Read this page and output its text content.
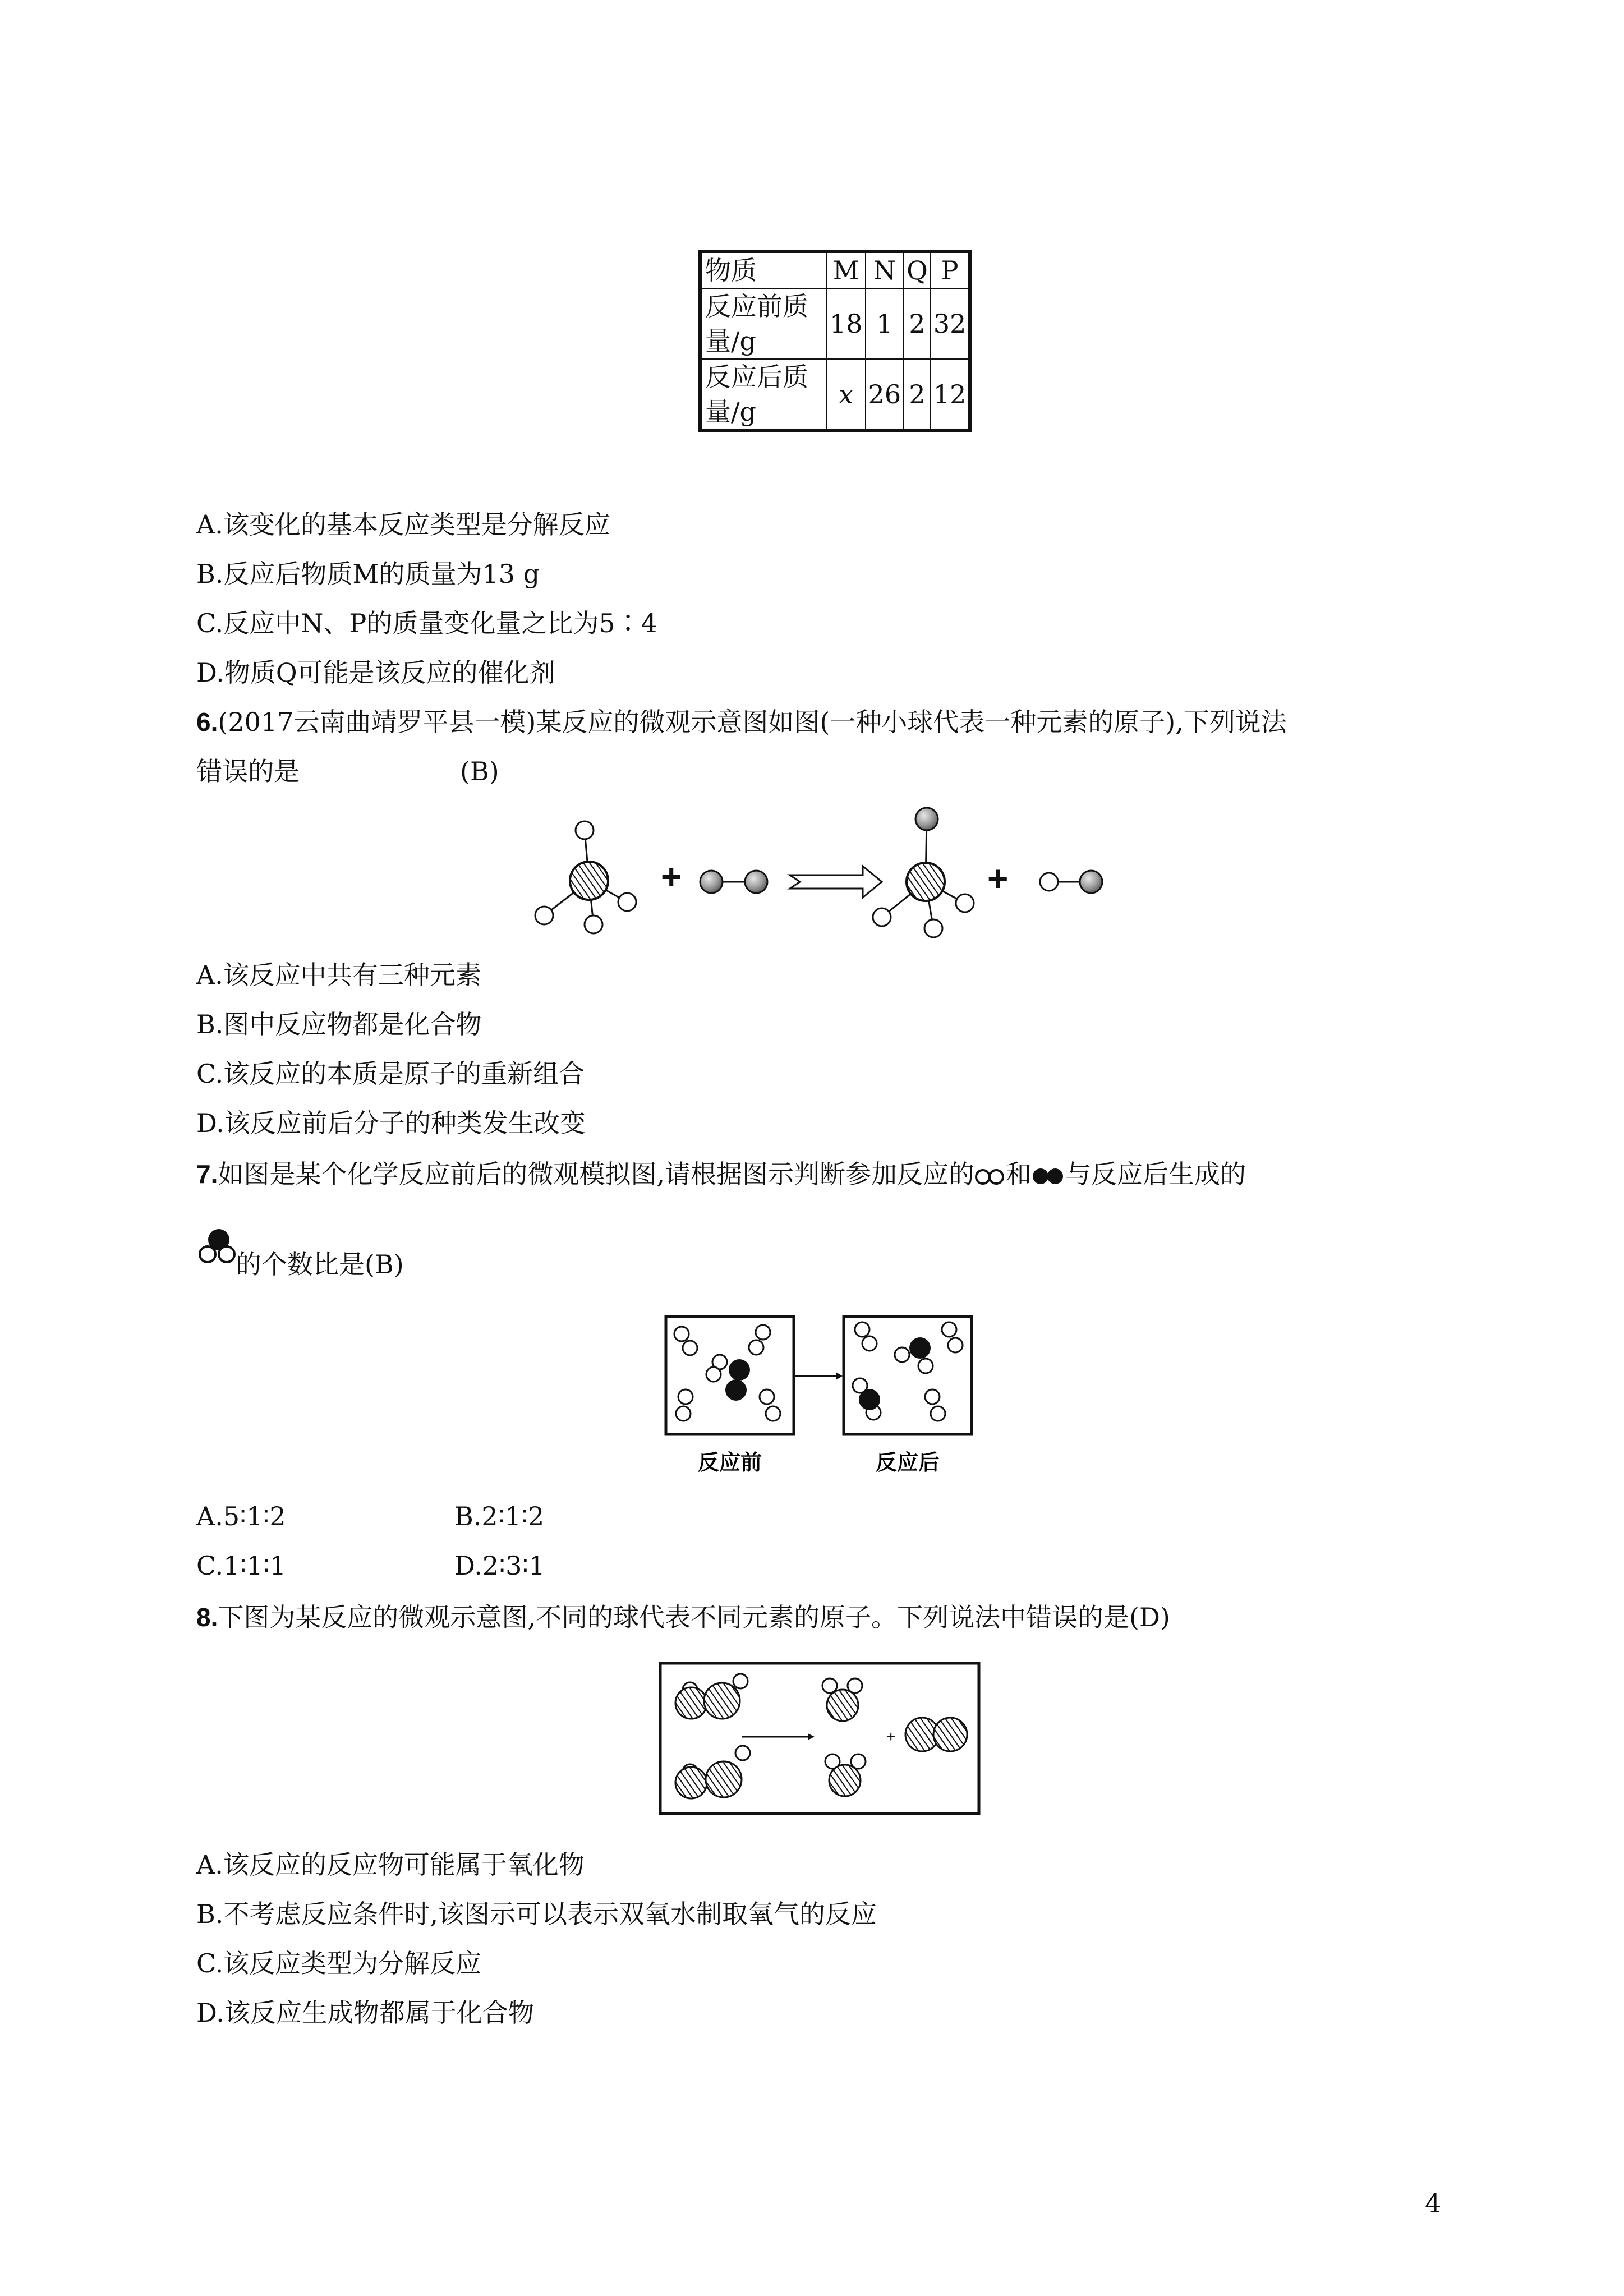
物质	M	N	Q	P
反应前质量/g	18	1	2	32
反应后质量/g	x	26	2	12
A.该变化的基本反应类型是分解反应
B.反应后物质M的质量为13 g
C.反应中N、P的质量变化量之比为5∶4
D.物质Q可能是该反应的催化剂
6.(2017云南曲靖罗平县一模)某反应的微观示意图如图(一种小球代表一种元素的原子),下列说法
错误的是	(B)
+	+
A.该反应中共有三种元素
B.图中反应物都是化合物
C.该反应的本质是原子的重新组合
D.该反应前后分子的种类发生改变
7.如图是某个化学反应前后的微观模拟图,请根据图示判断参加反应的 和 与反应后生成的
的个数比是(B)
反应前	反应后
A.5∶1∶2	B.2∶1∶2
C.1∶1∶1	D.2∶3∶1
8.下图为某反应的微观示意图,不同的球代表不同元素的原子。下列说法中错误的是(D)
+
A.该反应的反应物可能属于氧化物
B.不考虑反应条件时,该图示可以表示双氧水制取氧气的反应
C.该反应类型为分解反应
D.该反应生成物都属于化合物
4
